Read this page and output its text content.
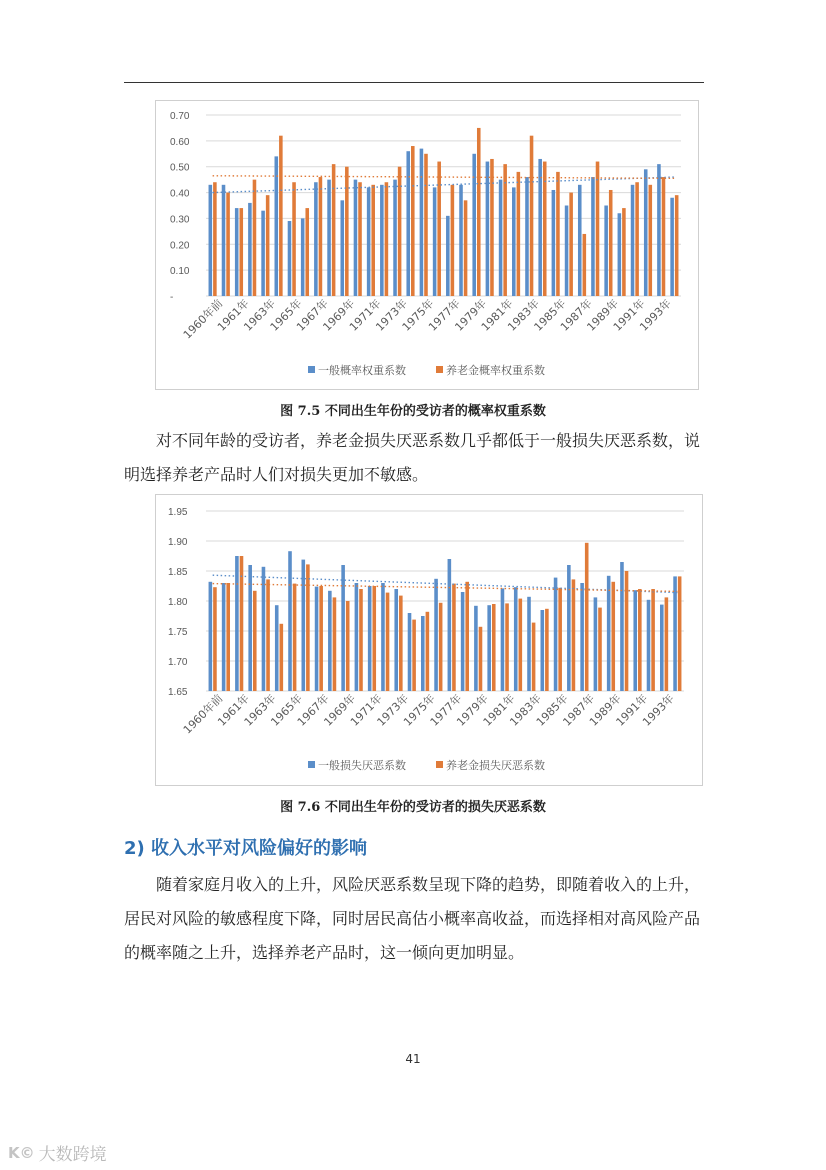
-
0.10
0.20
0.30
0.40
0.50
0.60
0.70
1960年前
1961年
1963年
1965年
1967年
1969年
1971年
1973年
1975年
1977年
1979年
1981年
1983年
1985年
1987年
1989年
1991年
1993年
一般概率权重系数	养老金概率权重系数
图 7.5 不同出生年份的受访者的概率权重系数

对不同年龄的受访者，养老金损失厌恶系数几乎都低于一般损失厌恶系数，说明选择养老产品时人们对损失更加不敏感。

1.65
1.70
1.75
1.80
1.85
1.90
1.95
1960年前
1961年
1963年
1965年
1967年
1969年
1971年
1973年
1975年
1977年
1979年
1981年
1983年
1985年
1987年
1989年
1991年
1993年
一般损失厌恶系数	养老金损失厌恶系数
图 7.6 不同出生年份的受访者的损失厌恶系数
2) 收入水平对风险偏好的影响

随着家庭月收入的上升，风险厌恶系数呈现下降的趋势，即随着收入的上升，居民对风险的敏感程度下降，同时居民高估小概率高收益，而选择相对高风险产品的概率随之上升，选择养老产品时，这一倾向更加明显。

41
K© 大数跨境
